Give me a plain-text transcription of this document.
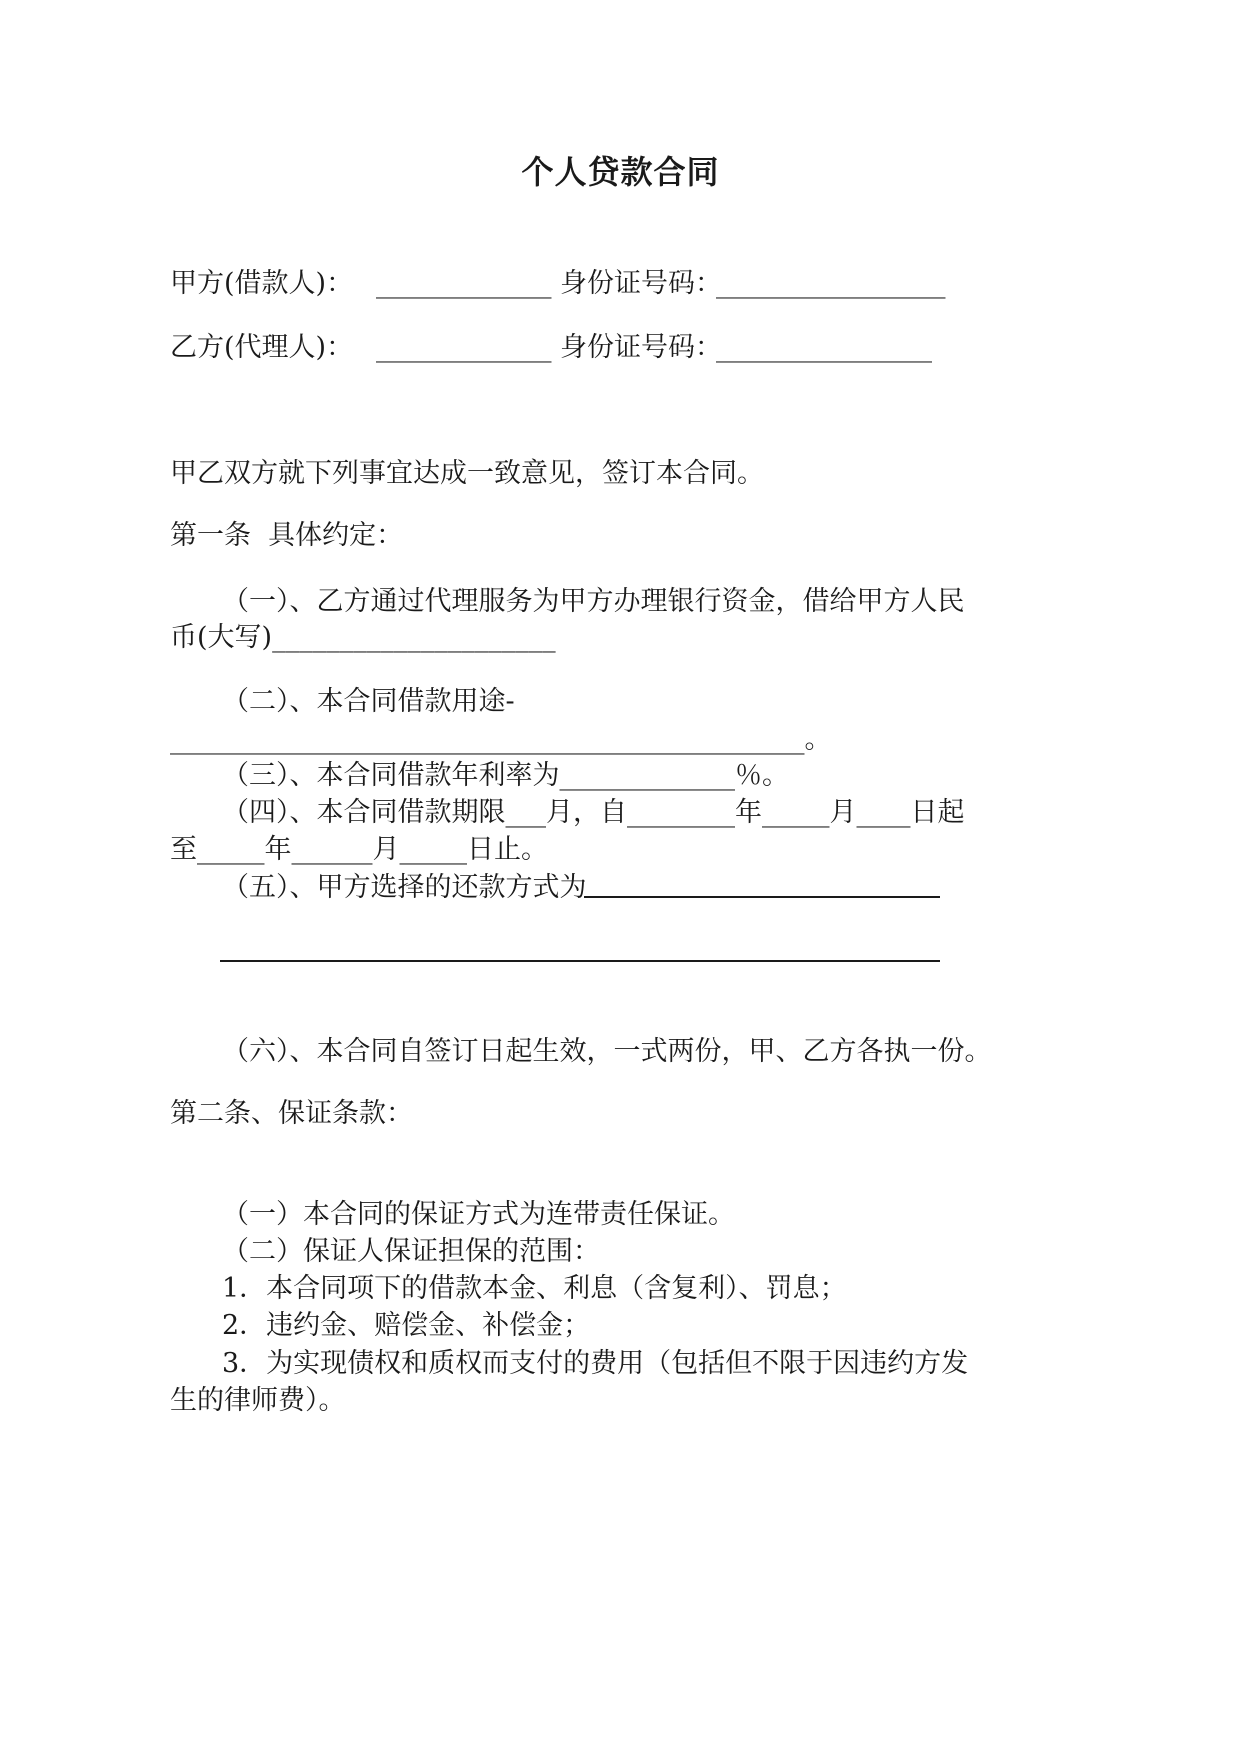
个人贷款合同
甲方(借款人)： _____________ 身份证号码：
_________________
乙方(代理人)： _____________ 身份证号码：
________________
甲乙双方就下列事宜达成一致意见，签订本合同。
第一条  具体约定：
（一）、乙方通过代理服务为甲方办理银行资金，借给甲方人民
币(大写)_____________________
（二）、本合同借款用途-
_______________________________________________。
（三）、本合同借款年利率为_____________％。
（四）、本合同借款期限___月，自________年_____月____日起
至_____年______月_____日止。
（五）、甲方选择的还款方式为
（六）、本合同自签订日起生效，一式两份，甲、乙方各执一份。
第二条、保证条款：
（一）本合同的保证方式为连带责任保证。
（二）保证人保证担保的范围：
1．本合同项下的借款本金、利息（含复利）、罚息；
2．违约金、赔偿金、补偿金；
3．为实现债权和质权而支付的费用（包括但不限于因违约方发
生的律师费）。
